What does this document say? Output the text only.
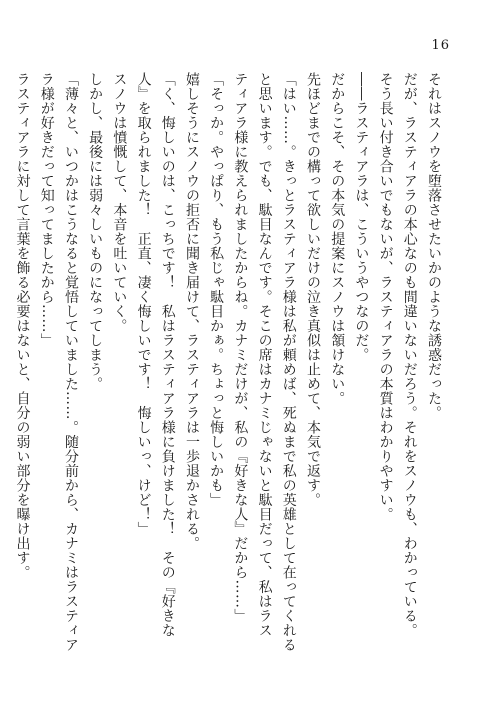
16
それはスノウを堕落させたいかのような誘惑だった。
だが、ラスティアラの本心なのも間違いないだろう。それをスノウも、わかっている。
そう長い付き合いでもないが、ラスティアラの本質はわかりやすい。
――ラスティアラは、こういうやつなのだ。
だからこそ、その本気の提案にスノウは頷けない。
先ほどまでの構って欲しいだけの泣き真似は止めて、本気で返す。
「はい……。きっとラスティアラ様は私が頼めば、死ぬまで私の英雄として在ってくれる
と思います。でも、駄目なんです。そこの席はカナミじゃないと駄目だって、私はラス
ティアラ様に教えられましたからね。カナミだけが、私の『好きな人』だから……」
「そっか。やっぱり、もう私じゃ駄目かぁ。ちょっと悔しいかも」
嬉しそうにスノウの拒否に聞き届けて、ラスティアラは一歩退かされる。
「く、悔しいのは、こっちです！　私はラスティアラ様に負けました！　その『好きな
人』を取られました！　正直、凄く悔しいです！　悔しいっ、けど！」
スノウは憤慨して、本音を吐いていく。
しかし、最後には弱々しいものになってしまう。
「薄々と、いつかはこうなると覚悟していました……。随分前から、カナミはラスティア
ラ様が好きだって知ってましたから……」
ラスティアラに対して言葉を飾る必要はないと、自分の弱い部分を曝け出す。
